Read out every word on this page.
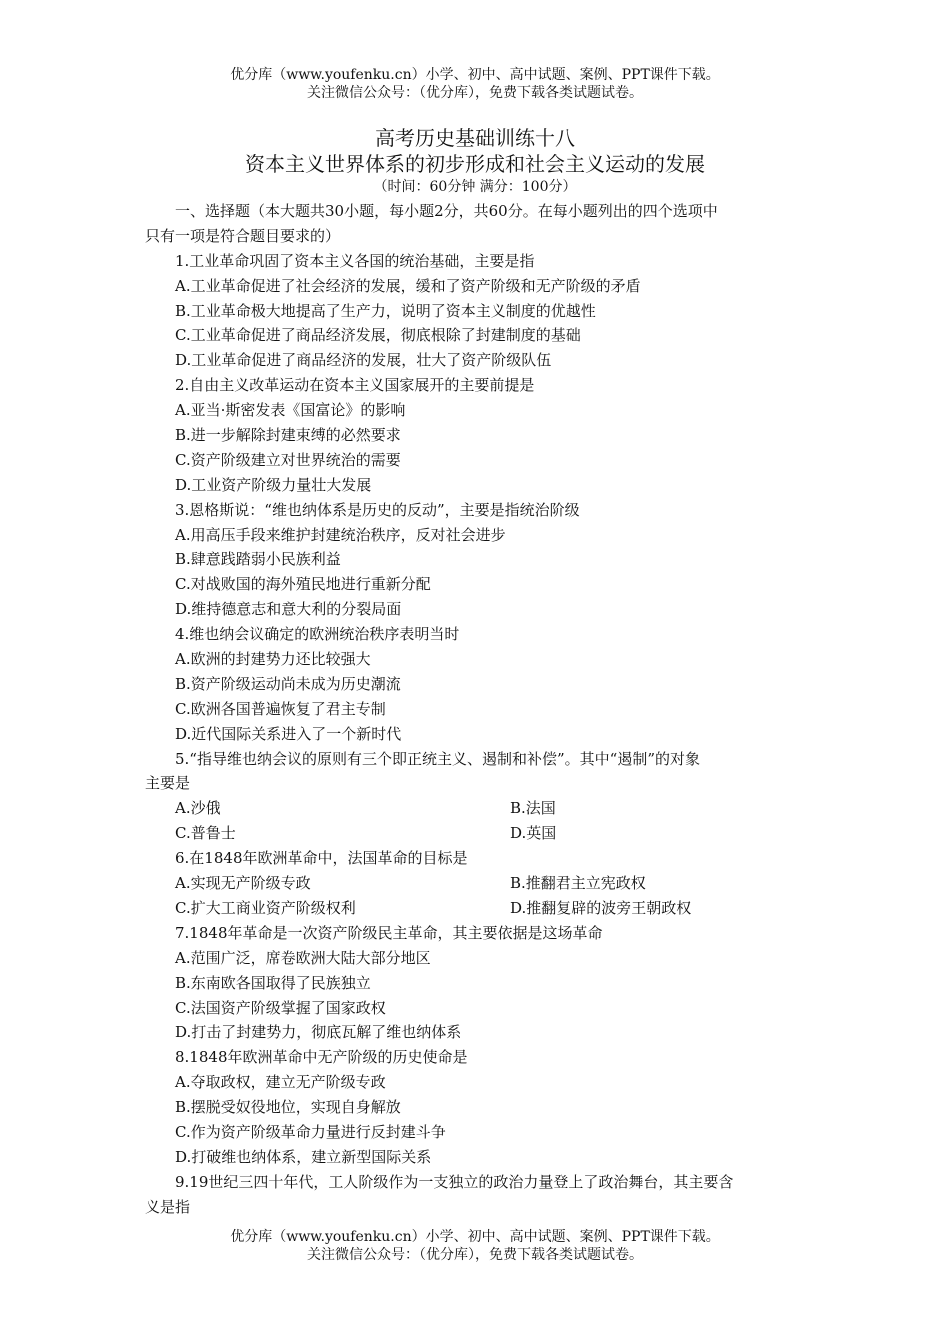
优分库（www.youfenku.cn）小学、初中、高中试题、案例、PPT课件下载。
关注微信公众号：（优分库），免费下载各类试题试卷。
高考历史基础训练十八
资本主义世界体系的初步形成和社会主义运动的发展
（时间：60分钟 满分：100分）
一、选择题（本大题共30小题，每小题2分，共60分。在每小题列出的四个选项中
只有一项是符合题目要求的）
1.工业革命巩固了资本主义各国的统治基础，主要是指
A.工业革命促进了社会经济的发展，缓和了资产阶级和无产阶级的矛盾
B.工业革命极大地提高了生产力，说明了资本主义制度的优越性
C.工业革命促进了商品经济发展，彻底根除了封建制度的基础
D.工业革命促进了商品经济的发展，壮大了资产阶级队伍
2.自由主义改革运动在资本主义国家展开的主要前提是
A.亚当·斯密发表《国富论》的影响
B.进一步解除封建束缚的必然要求
C.资产阶级建立对世界统治的需要
D.工业资产阶级力量壮大发展
3.恩格斯说：“维也纳体系是历史的反动”，主要是指统治阶级
A.用高压手段来维护封建统治秩序，反对社会进步
B.肆意践踏弱小民族利益
C.对战败国的海外殖民地进行重新分配
D.维持德意志和意大利的分裂局面
4.维也纳会议确定的欧洲统治秩序表明当时
A.欧洲的封建势力还比较强大
B.资产阶级运动尚未成为历史潮流
C.欧洲各国普遍恢复了君主专制
D.近代国际关系进入了一个新时代
5.“指导维也纳会议的原则有三个即正统主义、遏制和补偿”。其中“遏制”的对象
主要是
A.沙俄	B.法国
C.普鲁士	D.英国
6.在1848年欧洲革命中，法国革命的目标是
A.实现无产阶级专政	B.推翻君主立宪政权
C.扩大工商业资产阶级权利	D.推翻复辟的波旁王朝政权
7.1848年革命是一次资产阶级民主革命，其主要依据是这场革命
A.范围广泛，席卷欧洲大陆大部分地区
B.东南欧各国取得了民族独立
C.法国资产阶级掌握了国家政权
D.打击了封建势力，彻底瓦解了维也纳体系
8.1848年欧洲革命中无产阶级的历史使命是
A.夺取政权，建立无产阶级专政
B.摆脱受奴役地位，实现自身解放
C.作为资产阶级革命力量进行反封建斗争
D.打破维也纳体系，建立新型国际关系
9.19世纪三四十年代，工人阶级作为一支独立的政治力量登上了政治舞台，其主要含
义是指
优分库（www.youfenku.cn）小学、初中、高中试题、案例、PPT课件下载。
关注微信公众号：（优分库），免费下载各类试题试卷。
